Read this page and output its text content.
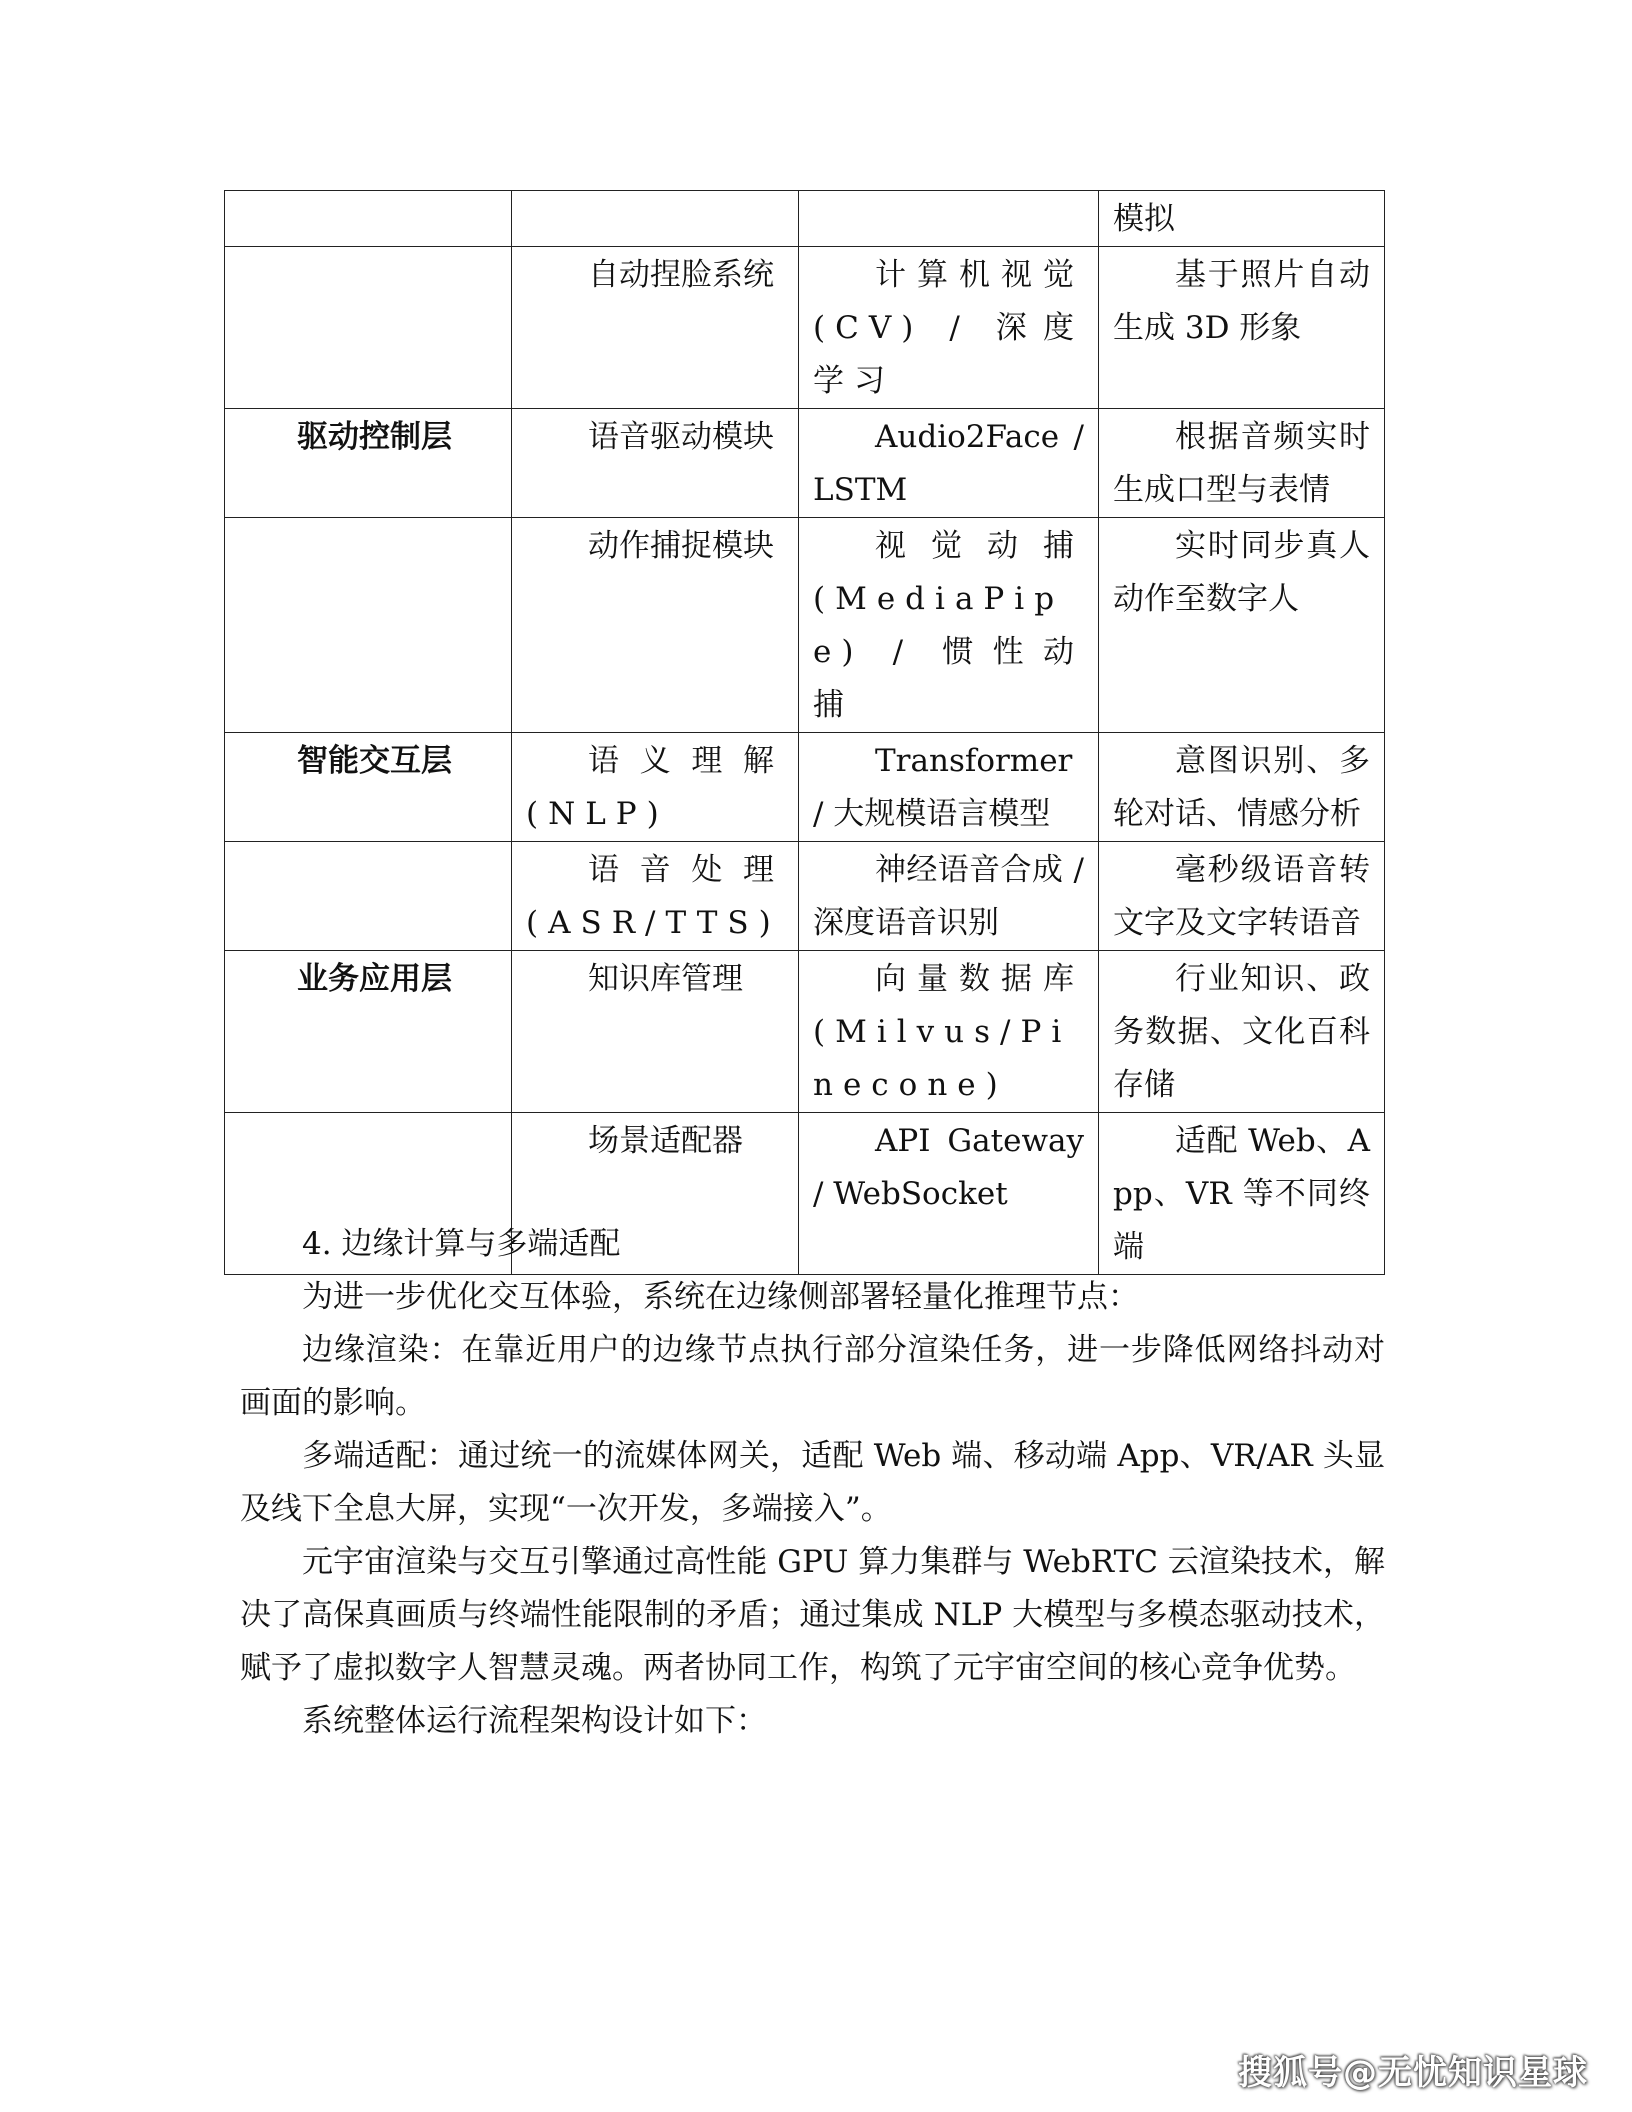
			模拟

	自动捏脸系统	计算机视觉 (CV) / 深度学习	基于照片自动生成 3D 形象

驱动控制层	语音驱动模块	Audio2Face / LSTM	根据音频实时生成口型与表情

	动作捕捉模块	视觉动捕 (MediaPipe) / 惯性动捕	实时同步真人动作至数字人

智能交互层	语义理解 (NLP)	Transformer / 大规模语言模型	意图识别、多轮对话、情感分析

	语音处理 (ASR/TTS)	神经语音合成 / 深度语音识别	毫秒级语音转文字及文字转语音

业务应用层	知识库管理	向量数据库 (Milvus/Pinecone)	行业知识、政务数据、文化百科存储

	场景适配器	API Gateway / WebSocket	适配 Web、App、VR 等不同终端

4. 边缘计算与多端适配

为进一步优化交互体验，系统在边缘侧部署轻量化推理节点：

边缘渲染：在靠近用户的边缘节点执行部分渲染任务，进一步降低网络抖动对画面的影响。

多端适配：通过统一的流媒体网关，适配 Web 端、移动端 App、VR/AR 头显及线下全息大屏，实现“一次开发，多端接入”。

元宇宙渲染与交互引擎通过高性能 GPU 算力集群与 WebRTC 云渲染技术，解决了高保真画质与终端性能限制的矛盾；通过集成 NLP 大模型与多模态驱动技术，赋予了虚拟数字人智慧灵魂。两者协同工作，构筑了元宇宙空间的核心竞争优势。

系统整体运行流程架构设计如下：

搜狐号@无忧知识星球
